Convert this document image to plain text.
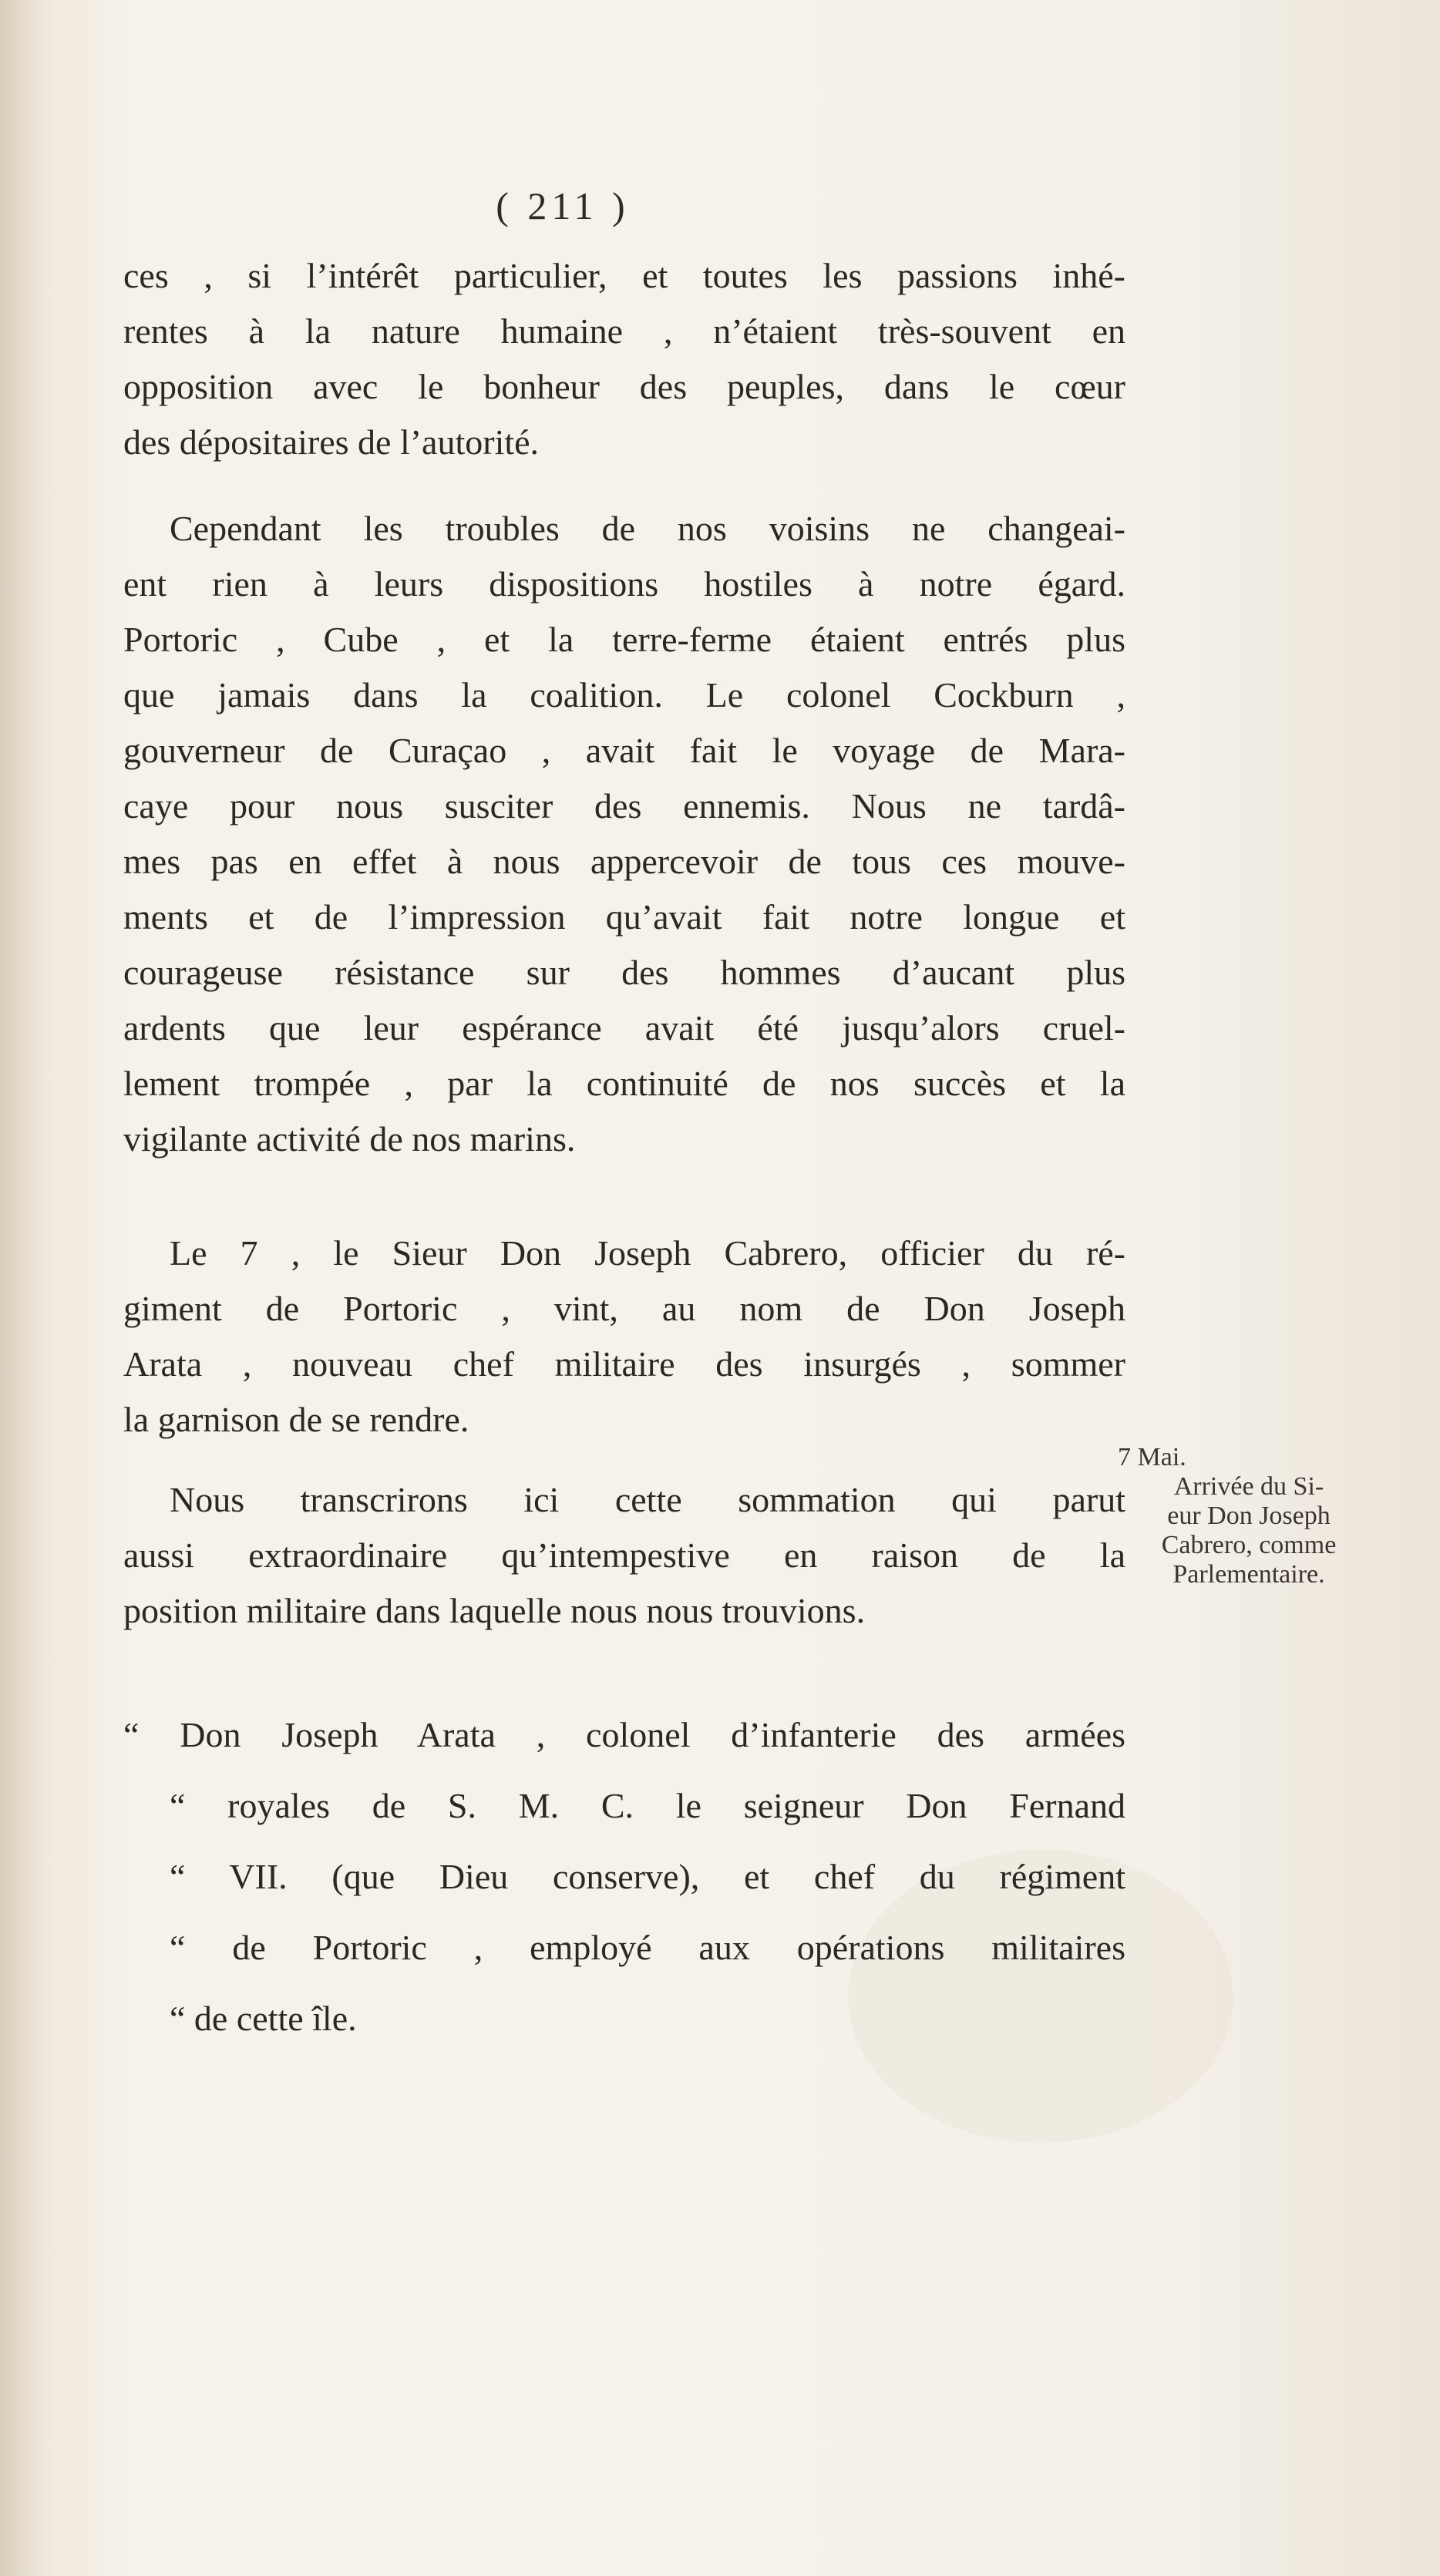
( 211 )
ces , si l’intérêt particulier, et toutes les passions inhé-
rentes à la nature humaine , n’étaient très-souvent en
opposition avec le bonheur des peuples, dans le cœur
des dépositaires de l’autorité.
Cependant les troubles de nos voisins ne changeai-
ent rien à leurs dispositions hostiles à notre égard.
Portoric , Cube , et la terre-ferme étaient entrés plus
que jamais dans la coalition. Le colonel Cockburn ,
gouverneur de Curaçao , avait fait le voyage de Mara-
caye pour nous susciter des ennemis. Nous ne tardâ-
mes pas en effet à nous appercevoir de tous ces mouve-
ments et de l’impression qu’avait fait notre longue et
courageuse résistance sur des hommes d’aucant plus
ardents que leur espérance avait été jusqu’alors cruel-
lement trompée , par la continuité de nos succès et la
vigilante activité de nos marins.
Le 7 , le Sieur Don Joseph Cabrero, officier du ré-
giment de Portoric , vint, au nom de Don Joseph
Arata , nouveau chef militaire des insurgés , sommer
la garnison de se rendre.
Nous transcrirons ici cette sommation qui parut
aussi extraordinaire qu’intempestive en raison de la
position militaire dans laquelle nous nous trouvions.
“ Don Joseph Arata , colonel d’infanterie des armées
“ royales de S. M. C. le seigneur Don Fernand
“ VII. (que Dieu conserve), et chef du régiment
“ de Portoric , employé aux opérations militaires
“ de cette île.
7 Mai.
Arrivée du Si-
eur Don Joseph
Cabrero, comme
Parlementaire.
